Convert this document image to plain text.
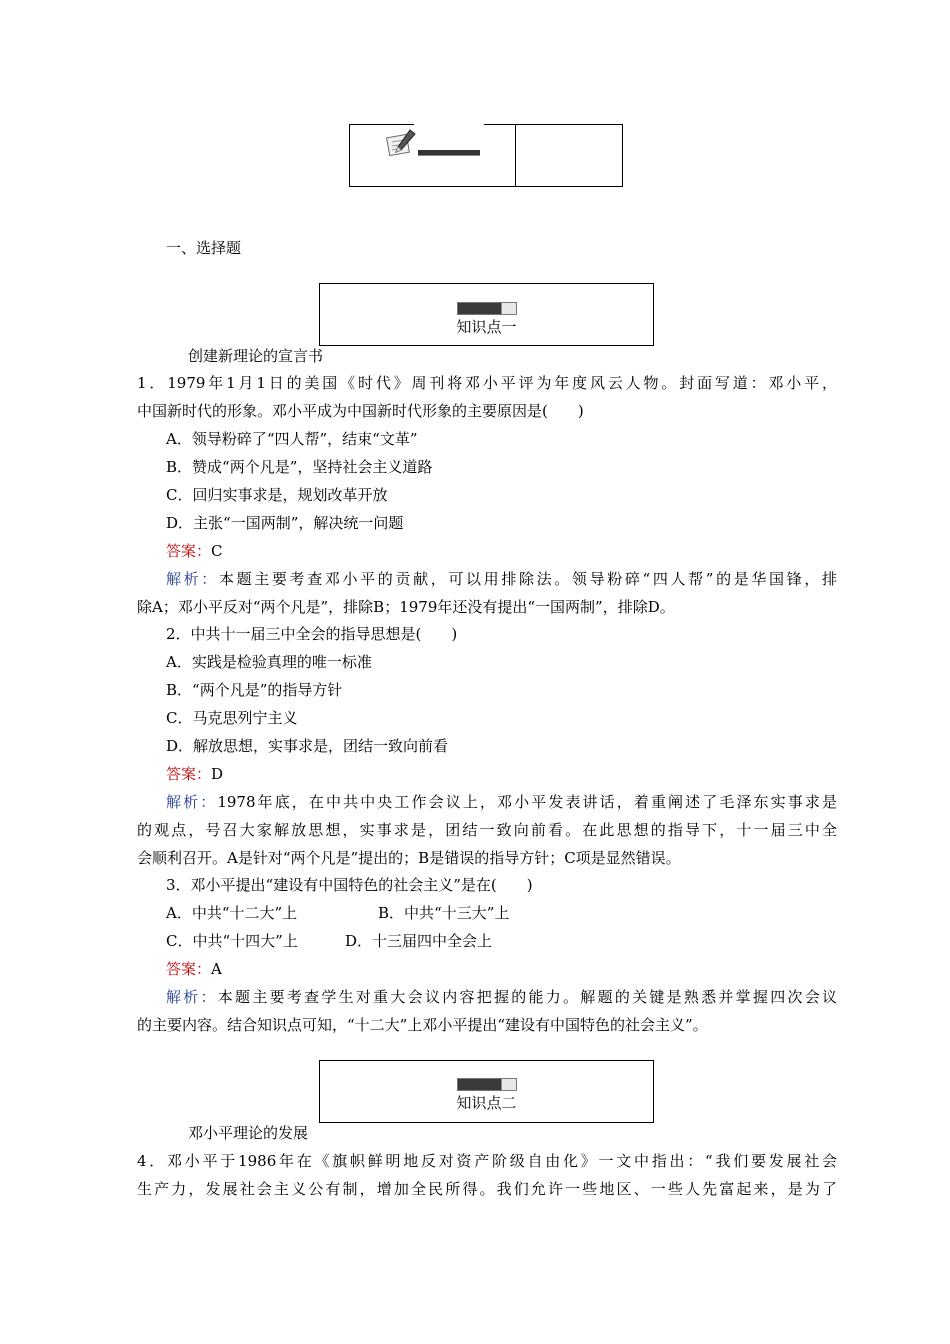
一、选择题
知识点一
创建新理论的宣言书
1．1979年1月1日的美国《时代》周刊将邓小平评为年度风云人物。封面写道：邓小平，
中国新时代的形象。邓小平成为中国新时代形象的主要原因是(　　)
A．领导粉碎了“四人帮”，结束“文革”
B．赞成“两个凡是”，坚持社会主义道路
C．回归实事求是，规划改革开放
D．主张“一国两制”，解决统一问题
答案：C
解析：本题主要考查邓小平的贡献，可以用排除法。领导粉碎“四人帮”的是华国锋，排
除A；邓小平反对“两个凡是”，排除B；1979年还没有提出“一国两制”，排除D。
2．中共十一届三中全会的指导思想是(　　)
A．实践是检验真理的唯一标准
B．“两个凡是”的指导方针
C．马克思列宁主义
D．解放思想，实事求是，团结一致向前看
答案：D
解析：1978年底，在中共中央工作会议上，邓小平发表讲话，着重阐述了毛泽东实事求是
的观点，号召大家解放思想，实事求是，团结一致向前看。在此思想的指导下，十一届三中全
会顺利召开。A是针对“两个凡是”提出的；B是错误的指导方针；C项是显然错误。
3．邓小平提出“建设有中国特色的社会主义”是在(　　)
A．中共“十二大”上	B．中共“十三大”上
C．中共“十四大”上	D．十三届四中全会上
答案：A
解析：本题主要考查学生对重大会议内容把握的能力。解题的关键是熟悉并掌握四次会议
的主要内容。结合知识点可知，“十二大”上邓小平提出“建设有中国特色的社会主义”。
知识点二
邓小平理论的发展
4．邓小平于1986年在《旗帜鲜明地反对资产阶级自由化》一文中指出：“我们要发展社会
生产力，发展社会主义公有制，增加全民所得。我们允许一些地区、一些人先富起来，是为了
